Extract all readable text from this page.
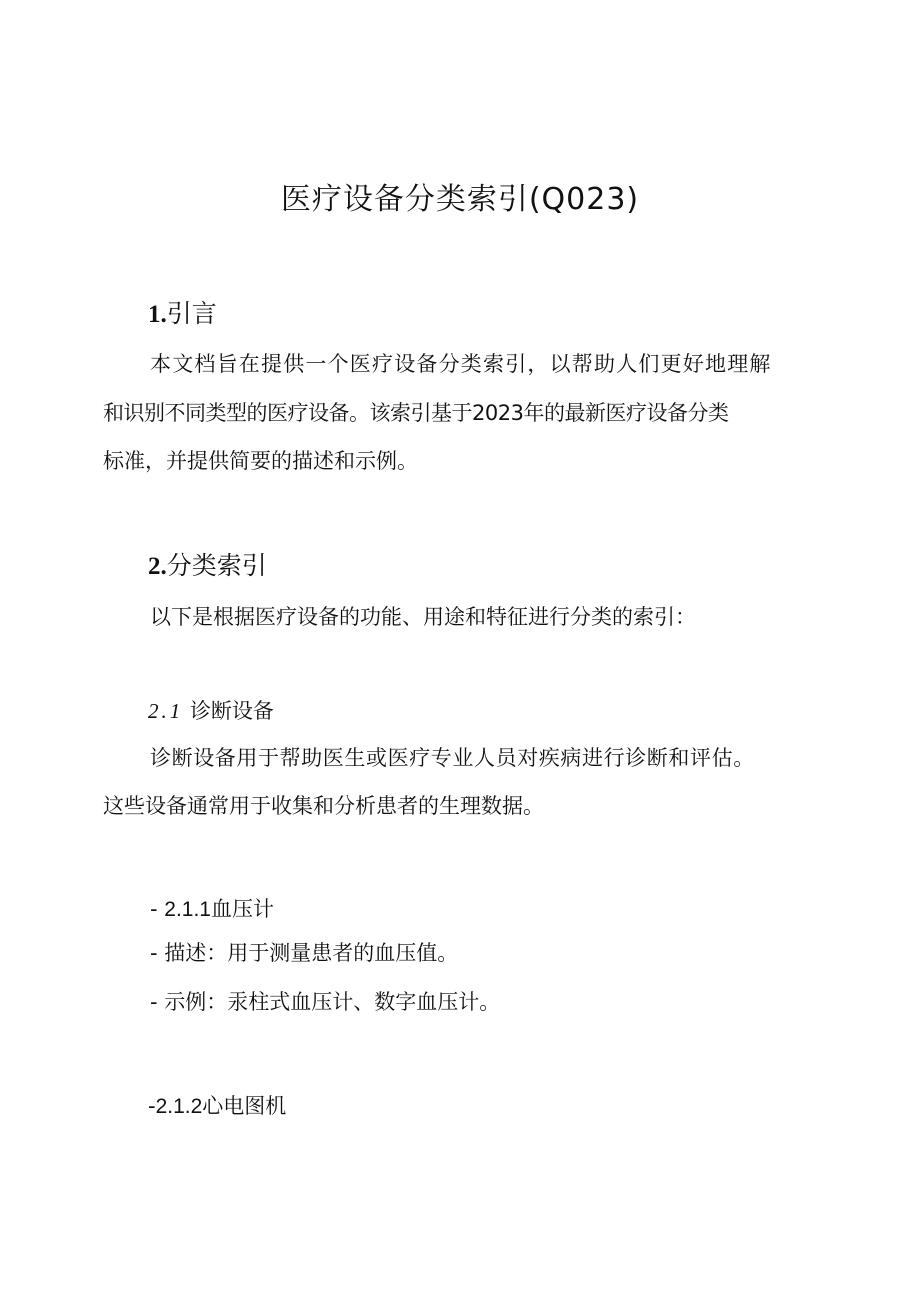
医疗设备分类索引(Q023)
1.引言

本文档旨在提供一个医疗设备分类索引，以帮助人们更好地理解

和识别不同类型的医疗设备。该索引基于2023年的最新医疗设备分类

标准，并提供简要的描述和示例。

2.分类索引

以下是根据医疗设备的功能、用途和特征进行分类的索引：

2.1 诊断设备

诊断设备用于帮助医生或医疗专业人员对疾病进行诊断和评估。

这些设备通常用于收集和分析患者的生理数据。

- 2.1.1血压计

- 描述：用于测量患者的血压值。

- 示例：汞柱式血压计、数字血压计。

-2.1.2心电图机
